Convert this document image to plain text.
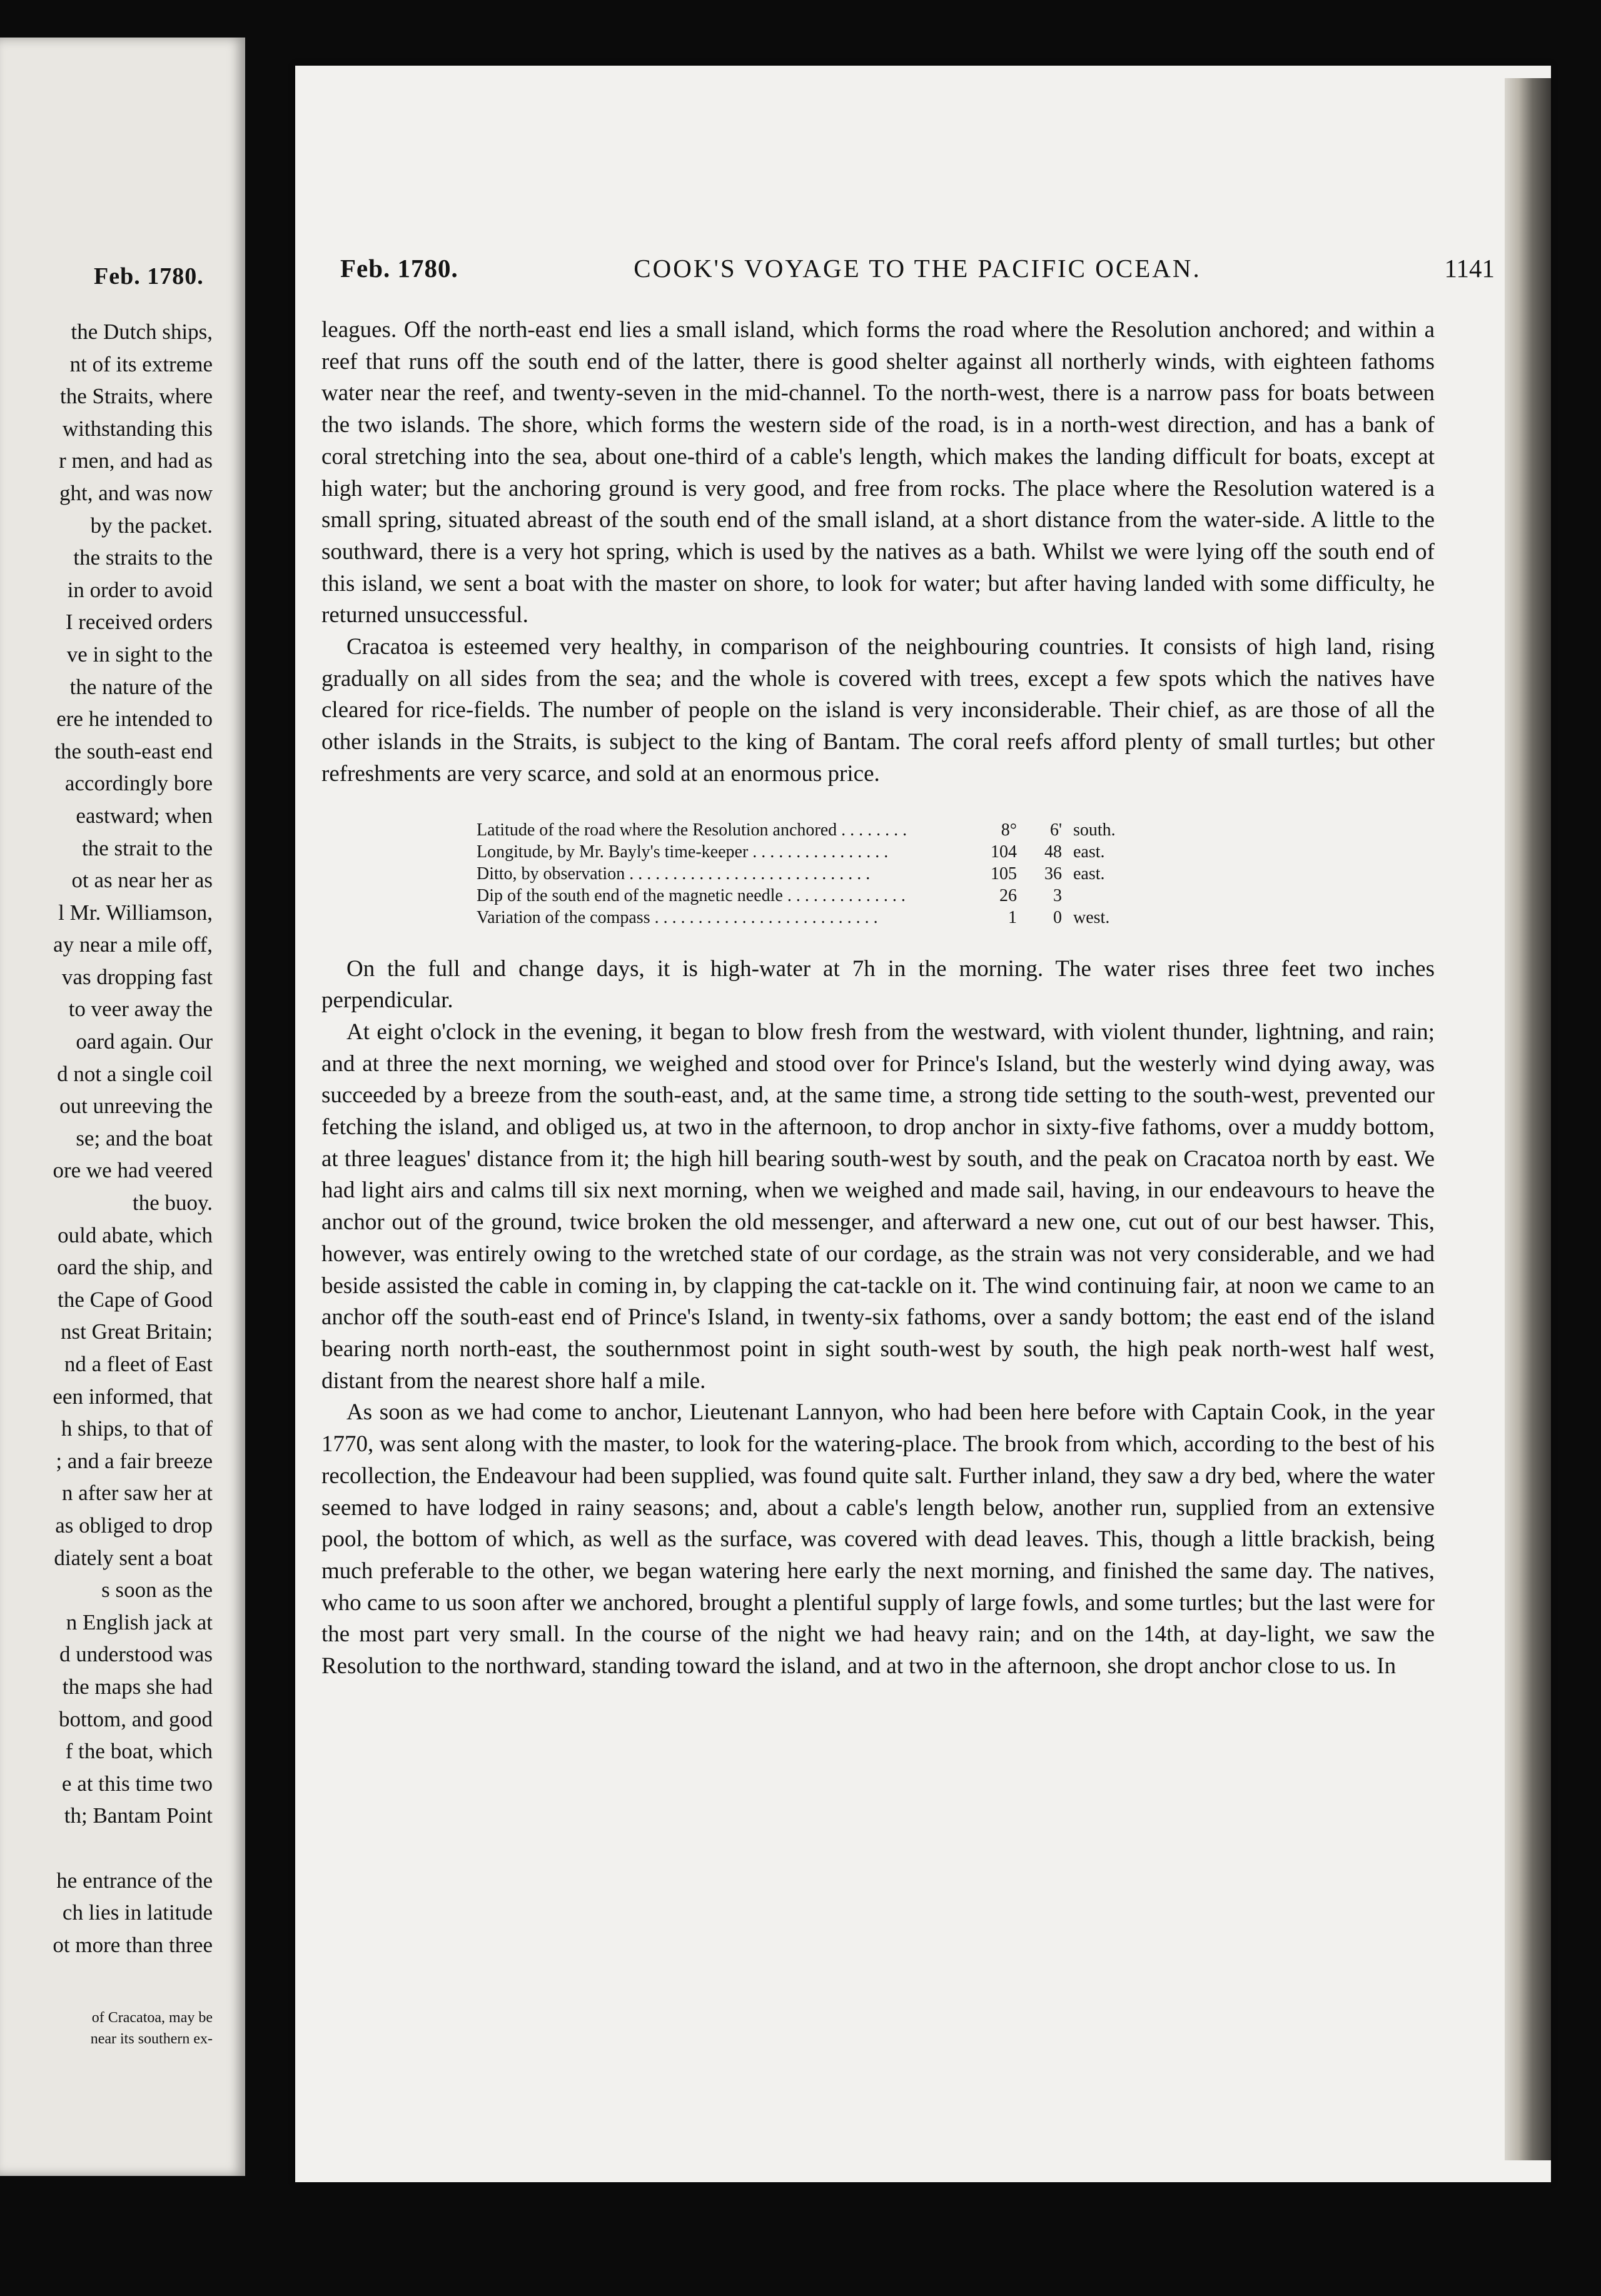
Feb. 1780.
the Dutch ships,
nt of its extreme
the Straits, where
withstanding this
r men, and had as
ght, and was now
by the packet.
the straits to the
in order to avoid
I received orders
ve in sight to the
the nature of the
ere he intended to
the south-east end
accordingly bore
eastward; when
the strait to the
ot as near her as
l Mr. Williamson,
ay near a mile off,
vas dropping fast
to veer away the
oard again. Our
d not a single coil
out unreeving the
se; and the boat
ore we had veered
the buoy.
ould abate, which
oard the ship, and
the Cape of Good
nst Great Britain;
nd a fleet of East
een informed, that
h ships, to that of
; and a fair breeze
n after saw her at
as obliged to drop
diately sent a boat
s soon as the
n English jack at
d understood was
the maps she had
bottom, and good
f the boat, which
e at this time two
th; Bantam Point

he entrance of the
ch lies in latitude
ot more than three
of Cracatoa, may be
near its southern ex-
Feb. 1780.	COOK'S VOYAGE TO THE PACIFIC OCEAN.	1141

leagues. Off the north-east end lies a small island, which forms the road where the Resolution anchored; and within a reef that runs off the south end of the latter, there is good shelter against all northerly winds, with eighteen fathoms water near the reef, and twenty-seven in the mid-channel. To the north-west, there is a narrow pass for boats between the two islands. The shore, which forms the western side of the road, is in a north-west direction, and has a bank of coral stretching into the sea, about one-third of a cable's length, which makes the landing difficult for boats, except at high water; but the anchoring ground is very good, and free from rocks. The place where the Resolution watered is a small spring, situated abreast of the south end of the small island, at a short distance from the water-side. A little to the southward, there is a very hot spring, which is used by the natives as a bath. Whilst we were lying off the south end of this island, we sent a boat with the master on shore, to look for water; but after having landed with some difficulty, he returned unsuccessful.

Cracatoa is esteemed very healthy, in comparison of the neighbouring countries. It consists of high land, rising gradually on all sides from the sea; and the whole is covered with trees, except a few spots which the natives have cleared for rice-fields. The number of people on the island is very inconsiderable. Their chief, as are those of all the other islands in the Straits, is subject to the king of Bantam. The coral reefs afford plenty of small turtles; but other refreshments are very scarce, and sold at an enormous price.

Latitude of the road where the Resolution anchored . . . . . . . .	8°	6' south.
Longitude, by Mr. Bayly's time-keeper . . . . . . . . . . . . . . . .	104	48 east.
Ditto, by observation . . . . . . . . . . . . . . . . . . . . . . . . . . . .	105	36 east.
Dip of the south end of the magnetic needle . . . . . . . . . . . . . .	26	3
Variation of the compass . . . . . . . . . . . . . . . . . . . . . . . . . .	1	0 west.

On the full and change days, it is high-water at 7h in the morning. The water rises three feet two inches perpendicular.

At eight o'clock in the evening, it began to blow fresh from the westward, with violent thunder, lightning, and rain; and at three the next morning, we weighed and stood over for Prince's Island, but the westerly wind dying away, was succeeded by a breeze from the south-east, and, at the same time, a strong tide setting to the south-west, prevented our fetching the island, and obliged us, at two in the afternoon, to drop anchor in sixty-five fathoms, over a muddy bottom, at three leagues' distance from it; the high hill bearing south-west by south, and the peak on Cracatoa north by east. We had light airs and calms till six next morning, when we weighed and made sail, having, in our endeavours to heave the anchor out of the ground, twice broken the old messenger, and afterward a new one, cut out of our best hawser. This, however, was entirely owing to the wretched state of our cordage, as the strain was not very considerable, and we had beside assisted the cable in coming in, by clapping the cat-tackle on it. The wind continuing fair, at noon we came to an anchor off the south-east end of Prince's Island, in twenty-six fathoms, over a sandy bottom; the east end of the island bearing north north-east, the southernmost point in sight south-west by south, the high peak north-west half west, distant from the nearest shore half a mile.

As soon as we had come to anchor, Lieutenant Lannyon, who had been here before with Captain Cook, in the year 1770, was sent along with the master, to look for the watering-place. The brook from which, according to the best of his recollection, the Endeavour had been supplied, was found quite salt. Further inland, they saw a dry bed, where the water seemed to have lodged in rainy seasons; and, about a cable's length below, another run, supplied from an extensive pool, the bottom of which, as well as the surface, was covered with dead leaves. This, though a little brackish, being much preferable to the other, we began watering here early the next morning, and finished the same day. The natives, who came to us soon after we anchored, brought a plentiful supply of large fowls, and some turtles; but the last were for the most part very small. In the course of the night we had heavy rain; and on the 14th, at day-light, we saw the Resolution to the northward, standing toward the island, and at two in the afternoon, she dropt anchor close to us. In
